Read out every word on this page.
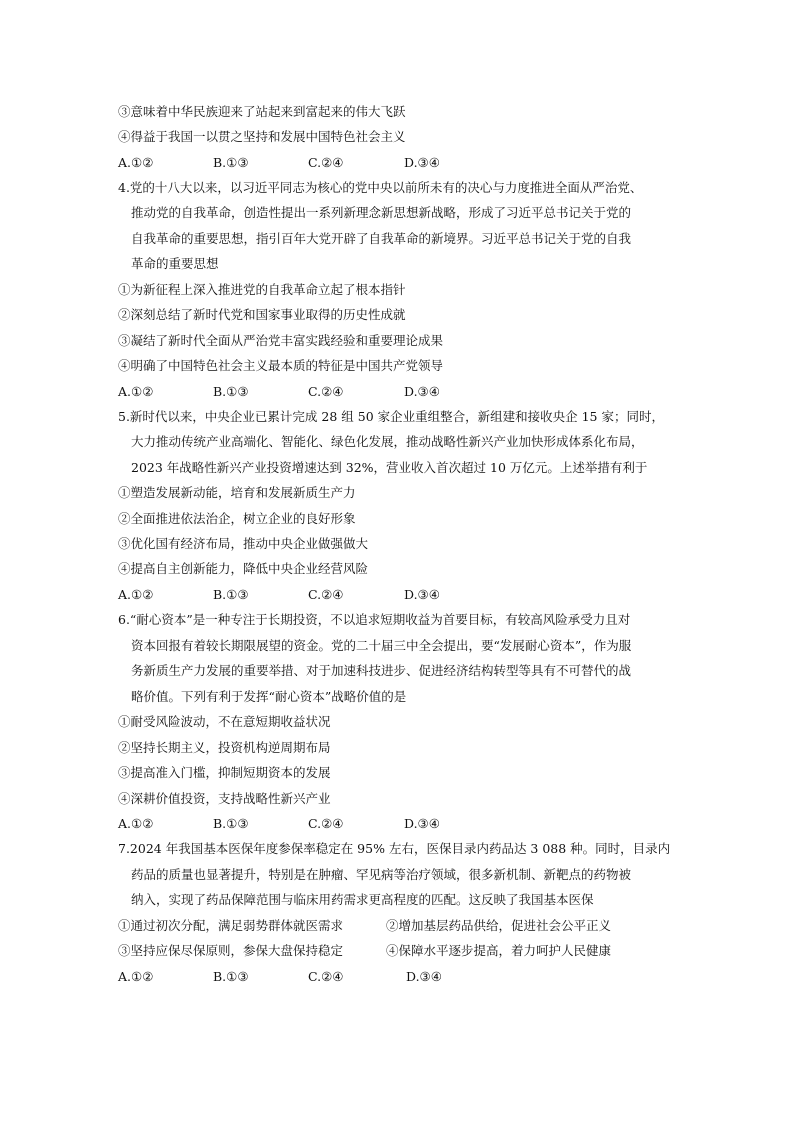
③意味着中华民族迎来了站起来到富起来的伟大飞跃
④得益于我国一以贯之坚持和发展中国特色社会主义
A.①②	B.①③	C.②④	D.③④
4.党的十八大以来，以习近平同志为核心的党中央以前所未有的决心与力度推进全面从严治党、
推动党的自我革命，创造性提出一系列新理念新思想新战略，形成了习近平总书记关于党的
自我革命的重要思想，指引百年大党开辟了自我革命的新境界。习近平总书记关于党的自我
革命的重要思想
①为新征程上深入推进党的自我革命立起了根本指针
②深刻总结了新时代党和国家事业取得的历史性成就
③凝结了新时代全面从严治党丰富实践经验和重要理论成果
④明确了中国特色社会主义最本质的特征是中国共产党领导
A.①②	B.①③	C.②④	D.③④
5.新时代以来，中央企业已累计完成 28 组 50 家企业重组整合，新组建和接收央企 15 家；同时，
大力推动传统产业高端化、智能化、绿色化发展，推动战略性新兴产业加快形成体系化布局，
2023 年战略性新兴产业投资增速达到 32%，营业收入首次超过 10 万亿元。上述举措有利于
①塑造发展新动能，培育和发展新质生产力
②全面推进依法治企，树立企业的良好形象
③优化国有经济布局，推动中央企业做强做大
④提高自主创新能力，降低中央企业经营风险
A.①②	B.①③	C.②④	D.③④
6.“耐心资本”是一种专注于长期投资，不以追求短期收益为首要目标，有较高风险承受力且对
资本回报有着较长期限展望的资金。党的二十届三中全会提出，要“发展耐心资本”，作为服
务新质生产力发展的重要举措、对于加速科技进步、促进经济结构转型等具有不可替代的战
略价值。下列有利于发挥“耐心资本”战略价值的是
①耐受风险波动，不在意短期收益状况
②坚持长期主义，投资机构逆周期布局
③提高准入门槛，抑制短期资本的发展
④深耕价值投资，支持战略性新兴产业
A.①②	B.①③	C.②④	D.③④
7.2024 年我国基本医保年度参保率稳定在 95% 左右，医保目录内药品达 3 088 种。同时，目录内
药品的质量也显著提升，特别是在肿瘤、罕见病等治疗领域，很多新机制、新靶点的药物被
纳入，实现了药品保障范围与临床用药需求更高程度的匹配。这反映了我国基本医保
①通过初次分配，满足弱势群体就医需求	②增加基层药品供给，促进社会公平正义
③坚持应保尽保原则，参保大盘保持稳定	④保障水平逐步提高，着力呵护人民健康
A.①②	B.①③	C.②④	D.③④
